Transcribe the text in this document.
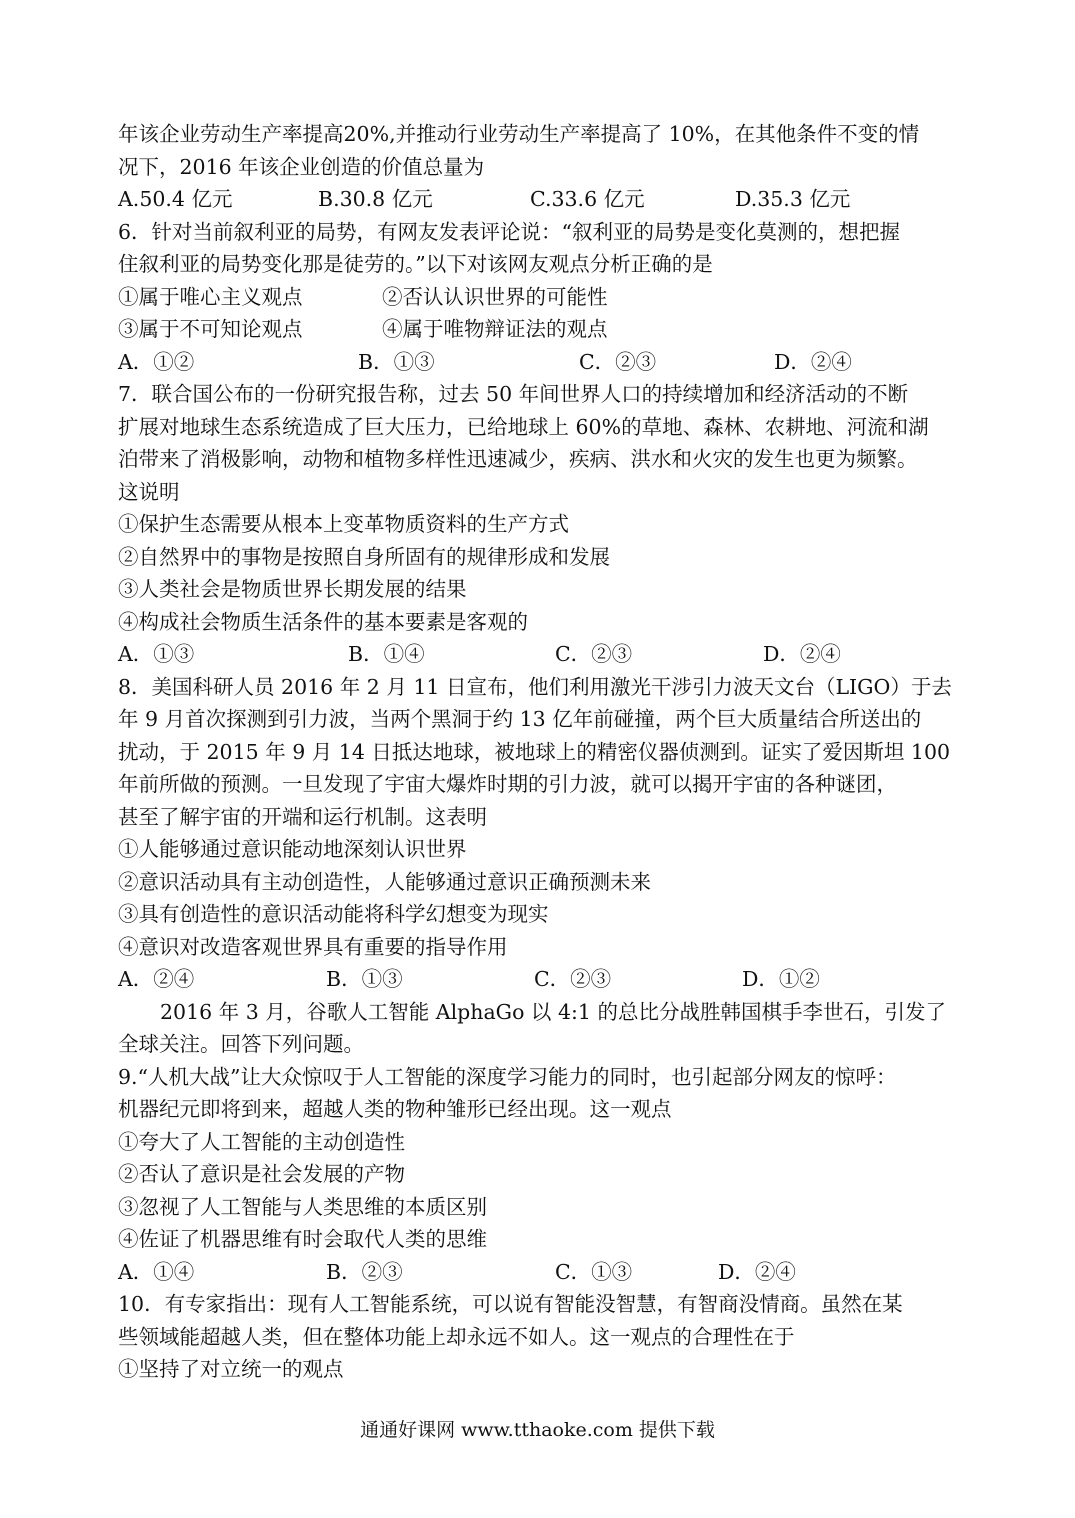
年该企业劳动生产率提高20%,并推动行业劳动生产率提高了 10%，在其他条件不变的情
况下，2016 年该企业创造的价值总量为
A.50.4 亿元	B.30.8 亿元	C.33.6 亿元	D.35.3 亿元
6．针对当前叙利亚的局势，有网友发表评论说：“叙利亚的局势是变化莫测的，想把握
住叙利亚的局势变化那是徒劳的。”以下对该网友观点分析正确的是
①属于唯心主义观点	②否认认识世界的可能性
③属于不可知论观点	④属于唯物辩证法的观点
A．①②	B．①③	C．②③	D．②④
7．联合国公布的一份研究报告称，过去 50 年间世界人口的持续增加和经济活动的不断
扩展对地球生态系统造成了巨大压力，已给地球上 60%的草地、森林、农耕地、河流和湖
泊带来了消极影响，动物和植物多样性迅速减少，疾病、洪水和火灾的发生也更为频繁。
这说明
①保护生态需要从根本上变革物质资料的生产方式
②自然界中的事物是按照自身所固有的规律形成和发展
③人类社会是物质世界长期发展的结果
④构成社会物质生活条件的基本要素是客观的
A．①③	B．①④	C．②③	D．②④
8．美国科研人员 2016 年 2 月 11 日宣布，他们利用激光干涉引力波天文台（LIGO）于去
年 9 月首次探测到引力波，当两个黑洞于约 13 亿年前碰撞，两个巨大质量结合所送出的
扰动，于 2015 年 9 月 14 日抵达地球，被地球上的精密仪器侦测到。证实了爱因斯坦 100
年前所做的预测。一旦发现了宇宙大爆炸时期的引力波，就可以揭开宇宙的各种谜团，
甚至了解宇宙的开端和运行机制。这表明
①人能够通过意识能动地深刻认识世界
②意识活动具有主动创造性，人能够通过意识正确预测未来
③具有创造性的意识活动能将科学幻想变为现实
④意识对改造客观世界具有重要的指导作用
A．②④	B．①③	C．②③	D．①②
2016 年 3 月，谷歌人工智能 AlphaGo 以 4:1 的总比分战胜韩国棋手李世石，引发了
全球关注。回答下列问题。
9.“人机大战”让大众惊叹于人工智能的深度学习能力的同时，也引起部分网友的惊呼：
机器纪元即将到来，超越人类的物种雏形已经出现。这一观点
①夸大了人工智能的主动创造性
②否认了意识是社会发展的产物
③忽视了人工智能与人类思维的本质区别
④佐证了机器思维有时会取代人类的思维
A．①④	B．②③	C．①③	D．②④
10．有专家指出：现有人工智能系统，可以说有智能没智慧，有智商没情商。虽然在某
些领域能超越人类，但在整体功能上却永远不如人。这一观点的合理性在于
①坚持了对立统一的观点
通通好课网 www.tthaoke.com 提供下载
